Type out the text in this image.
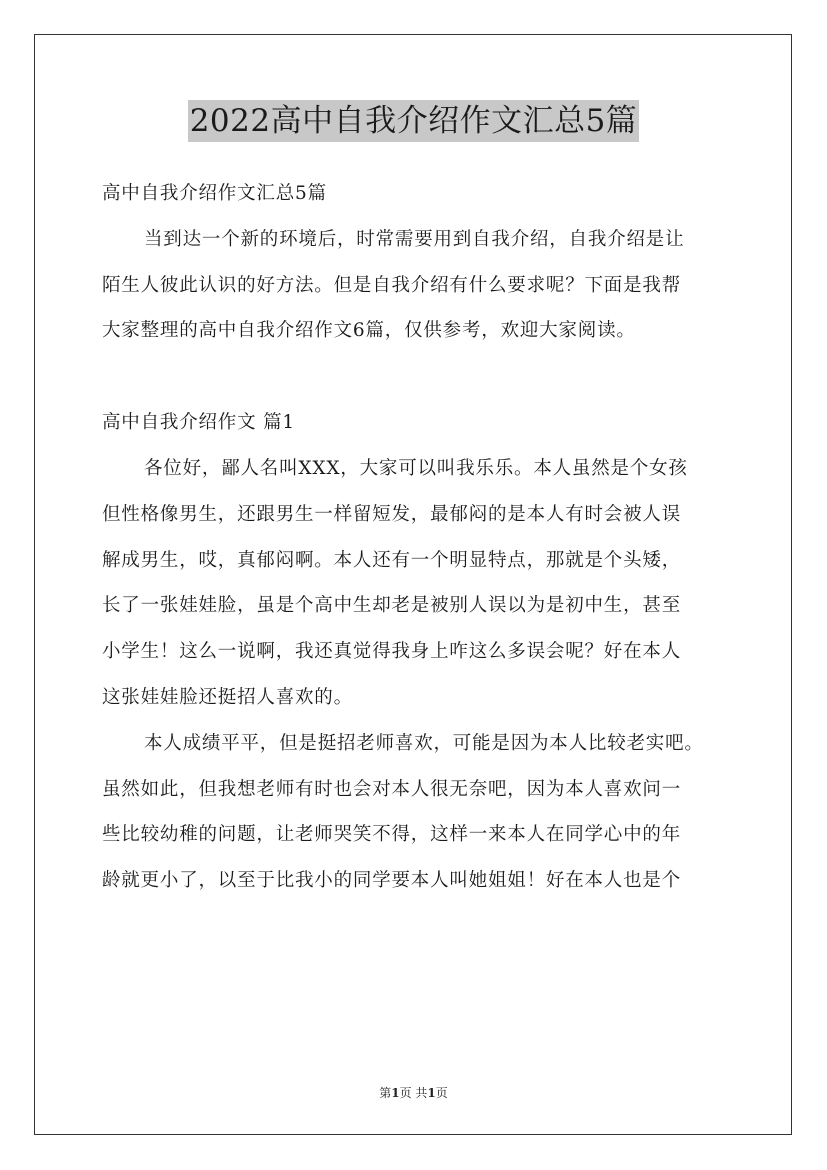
2022高中自我介绍作文汇总5篇
高中自我介绍作文汇总5篇
当到达一个新的环境后，时常需要用到自我介绍，自我介绍是让
陌生人彼此认识的好方法。但是自我介绍有什么要求呢？下面是我帮
大家整理的高中自我介绍作文6篇，仅供参考，欢迎大家阅读。
高中自我介绍作文 篇1
各位好，鄙人名叫XXX，大家可以叫我乐乐。本人虽然是个女孩
但性格像男生，还跟男生一样留短发，最郁闷的是本人有时会被人误
解成男生，哎，真郁闷啊。本人还有一个明显特点，那就是个头矮，
长了一张娃娃脸，虽是个高中生却老是被别人误以为是初中生，甚至
小学生！这么一说啊，我还真觉得我身上咋这么多误会呢？好在本人
这张娃娃脸还挺招人喜欢的。
本人成绩平平，但是挺招老师喜欢，可能是因为本人比较老实吧。
虽然如此，但我想老师有时也会对本人很无奈吧，因为本人喜欢问一
些比较幼稚的问题，让老师哭笑不得，这样一来本人在同学心中的年
龄就更小了，以至于比我小的同学要本人叫她姐姐！好在本人也是个
第1页 共1页
